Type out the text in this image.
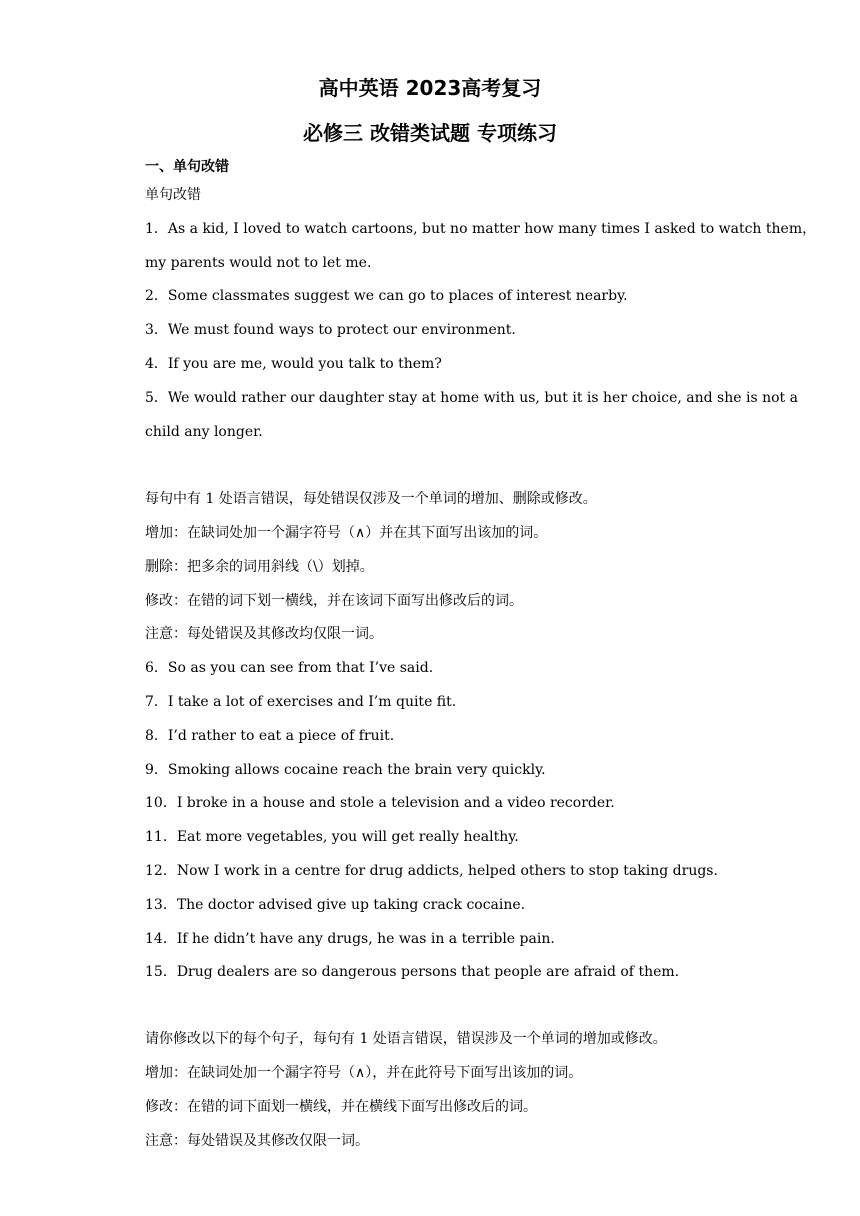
高中英语 2023高考复习
必修三 改错类试题 专项练习
一、单句改错
单句改错
1．As a kid, I loved to watch cartoons, but no matter how many times I asked to watch them，
my parents would not to let me.
2．Some classmates suggest we can go to places of interest nearby.
3．We must found ways to protect our environment.
4．If you are me, would you talk to them?
5．We would rather our daughter stay at home with us, but it is her choice, and she is not a
child any longer.
每句中有 1 处语言错误，每处错误仅涉及一个单词的增加、删除或修改。
增加：在缺词处加一个漏字符号（∧）并在其下面写出该加的词。
删除：把多余的词用斜线（\）划掉。
修改：在错的词下划一横线，并在该词下面写出修改后的词。
注意：每处错误及其修改均仅限一词。
6．So as you can see from that I’ve said.
7．I take a lot of exercises and I’m quite fit.
8．I’d rather to eat a piece of fruit.
9．Smoking allows cocaine reach the brain very quickly.
10．I broke in a house and stole a television and a video recorder.
11．Eat more vegetables, you will get really healthy.
12．Now I work in a centre for drug addicts, helped others to stop taking drugs.
13．The doctor advised give up taking crack cocaine.
14．If he didn’t have any drugs, he was in a terrible pain.
15．Drug dealers are so dangerous persons that people are afraid of them.
请你修改以下的每个句子，每句有 1 处语言错误，错误涉及一个单词的增加或修改。
增加：在缺词处加一个漏字符号（∧），并在此符号下面写出该加的词。
修改：在错的词下面划一横线，并在横线下面写出修改后的词。
注意：每处错误及其修改仅限一词。
